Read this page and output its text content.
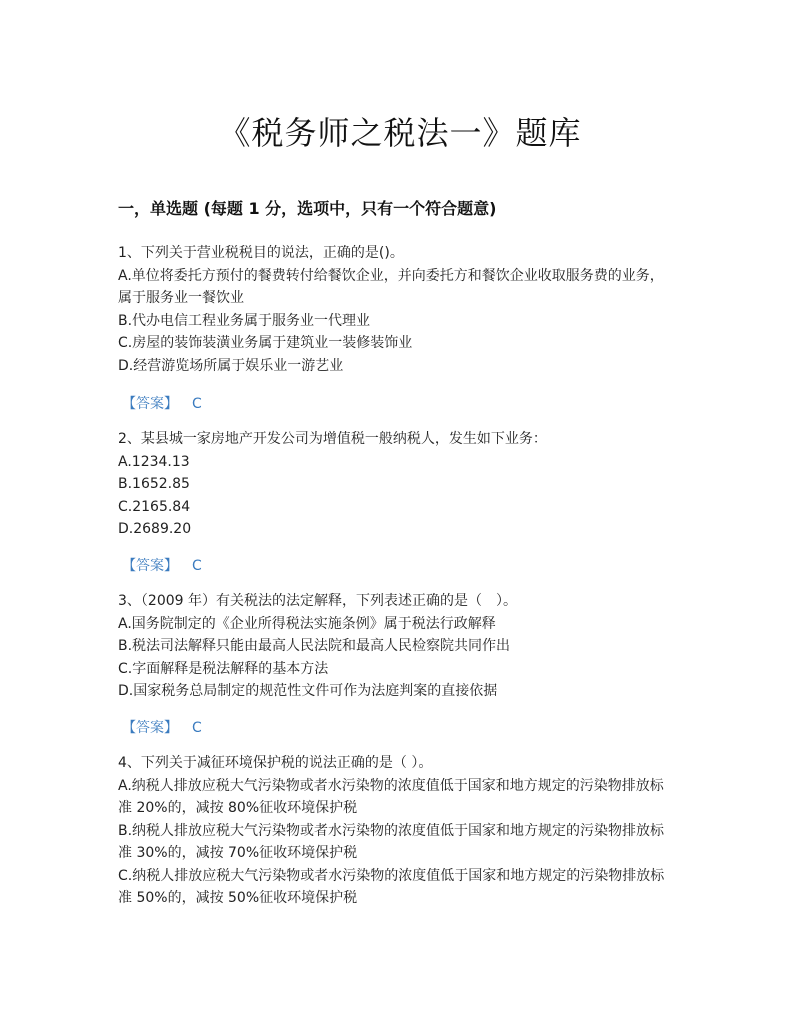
《税务师之税法一》题库
一，单选题 (每题 1 分，选项中，只有一个符合题意)
1、下列关于营业税税目的说法，正确的是()。
A.单位将委托方预付的餐费转付给餐饮企业，并向委托方和餐饮企业收取服务费的业务，
属于服务业一餐饮业
B.代办电信工程业务属于服务业一代理业
C.房屋的装饰装潢业务属于建筑业一装修装饰业
D.经营游览场所属于娱乐业一游艺业
【答案】 C
2、某县城一家房地产开发公司为增值税一般纳税人，发生如下业务：
A.1234.13
B.1652.85
C.2165.84
D.2689.20
【答案】 C
3、（2009 年）有关税法的法定解释，下列表述正确的是（　）。
A.国务院制定的《企业所得税法实施条例》属于税法行政解释
B.税法司法解释只能由最高人民法院和最高人民检察院共同作出
C.字面解释是税法解释的基本方法
D.国家税务总局制定的规范性文件可作为法庭判案的直接依据
【答案】 C
4、下列关于减征环境保护税的说法正确的是（ ）。
A.纳税人排放应税大气污染物或者水污染物的浓度值低于国家和地方规定的污染物排放标
准 20%的，减按 80%征收环境保护税
B.纳税人排放应税大气污染物或者水污染物的浓度值低于国家和地方规定的污染物排放标
准 30%的，减按 70%征收环境保护税
C.纳税人排放应税大气污染物或者水污染物的浓度值低于国家和地方规定的污染物排放标
准 50%的，减按 50%征收环境保护税
